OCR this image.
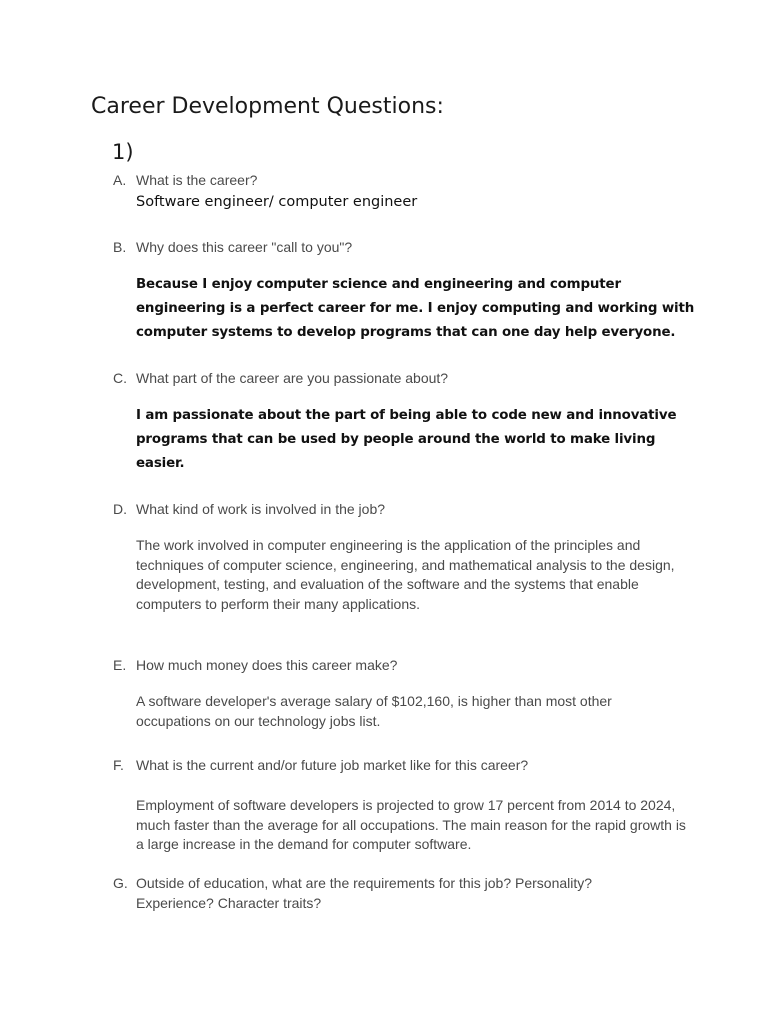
Career Development Questions:
1)
A. What is the career?

Software engineer/ computer engineer

B. Why does this career "call to you"?

Because I enjoy computer science and engineering and computer engineering is a perfect career for me. I enjoy computing and working with computer systems to develop programs that can one day help everyone.

C. What part of the career are you passionate about?

I am passionate about the part of being able to code new and innovative programs that can be used by people around the world to make living easier.

D. What kind of work is involved in the job?

The work involved in computer engineering is the application of the principles and techniques of computer science, engineering, and mathematical analysis to the design, development, testing, and evaluation of the software and the systems that enable computers to perform their many applications.

E. How much money does this career make?

A software developer's average salary of $102,160, is higher than most other occupations on our technology jobs list.

F. What is the current and/or future job market like for this career?

Employment of software developers is projected to grow 17 percent from 2014 to 2024, much faster than the average for all occupations. The main reason for the rapid growth is a large increase in the demand for computer software.

G. Outside of education, what are the requirements for this job? Personality? Experience? Character traits?
